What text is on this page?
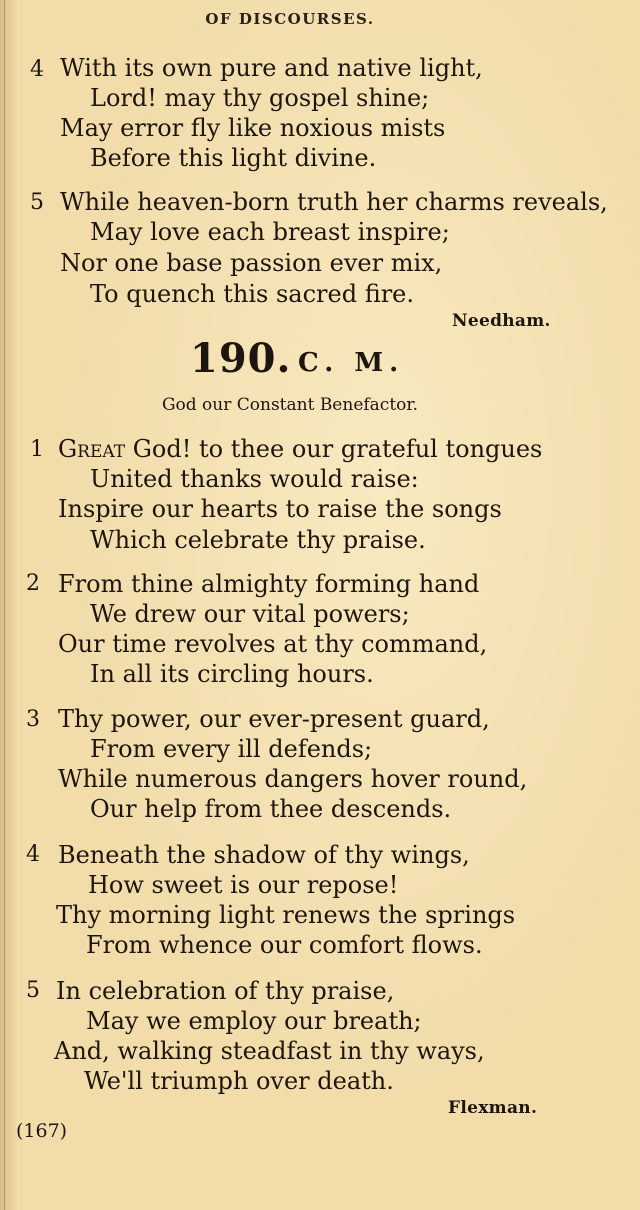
OF DISCOURSES.
4 With its own pure and native light,
Lord! may thy gospel shine;
May error fly like noxious mists
Before this light divine.
5 While heaven-born truth her charms reveals,
May love each breast inspire;
Nor one base passion ever mix,
To quench this sacred fire.
Needham.
190. C. M.
God our Constant Benefactor.
1 Great God! to thee our grateful tongues
United thanks would raise:
Inspire our hearts to raise the songs
Which celebrate thy praise.
2 From thine almighty forming hand
We drew our vital powers;
Our time revolves at thy command,
In all its circling hours.
3 Thy power, our ever-present guard,
From every ill defends;
While numerous dangers hover round,
Our help from thee descends.
4 Beneath the shadow of thy wings,
How sweet is our repose!
Thy morning light renews the springs
From whence our comfort flows.
5 In celebration of thy praise,
May we employ our breath;
And, walking steadfast in thy ways,
We'll triumph over death.
Flexman.
(167)
